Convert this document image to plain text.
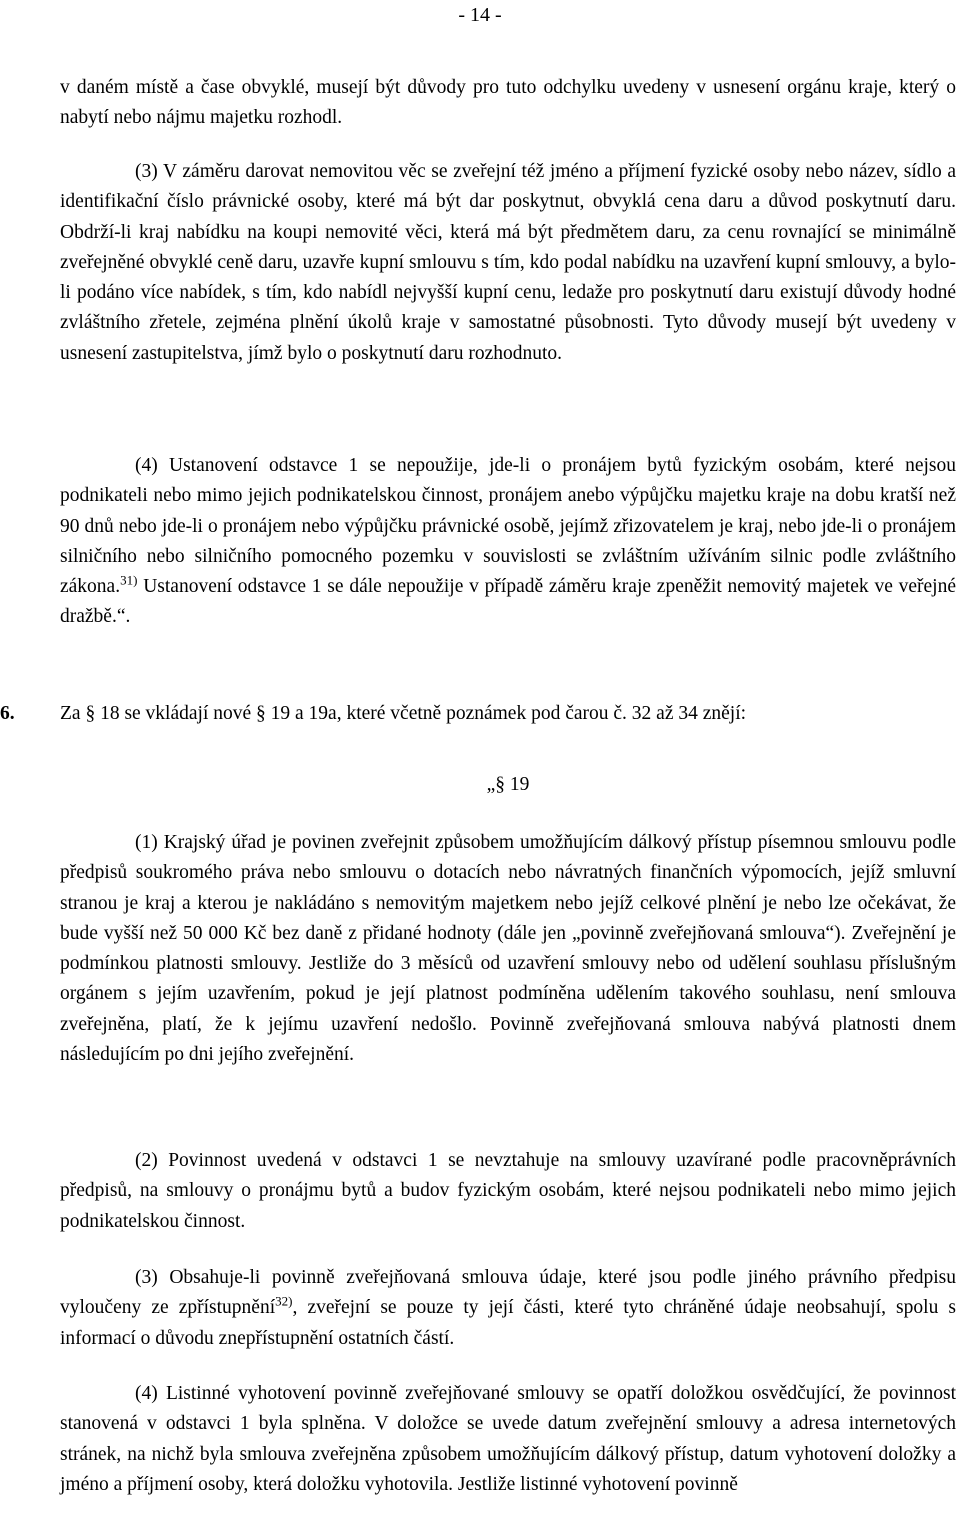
- 14 -

v daném místě a čase obvyklé, musejí být důvody pro tuto odchylku uvedeny v usnesení orgánu kraje, který o nabytí nebo nájmu majetku rozhodl.

(3) V záměru darovat nemovitou věc se zveřejní též jméno a příjmení fyzické osoby nebo název, sídlo a identifikační číslo právnické osoby, které má být dar poskytnut, obvyklá cena daru a důvod poskytnutí daru. Obdrží-li kraj nabídku na koupi nemovité věci, která má být předmětem daru, za cenu rovnající se minimálně zveřejněné obvyklé ceně daru, uzavře kupní smlouvu s tím, kdo podal nabídku na uzavření kupní smlouvy, a bylo-li podáno více nabídek, s tím, kdo nabídl nejvyšší kupní cenu, ledaže pro poskytnutí daru existují důvody hodné zvláštního zřetele, zejména plnění úkolů kraje v samostatné působnosti. Tyto důvody musejí být uvedeny v usnesení zastupitelstva, jímž bylo o poskytnutí daru rozhodnuto.

(4) Ustanovení odstavce 1 se nepoužije, jde-li o pronájem bytů fyzickým osobám, které nejsou podnikateli nebo mimo jejich podnikatelskou činnost, pronájem anebo výpůjčku majetku kraje na dobu kratší než 90 dnů nebo jde-li o pronájem nebo výpůjčku právnické osobě, jejímž zřizovatelem je kraj, nebo jde-li o pronájem silničního nebo silničního pomocného pozemku v souvislosti se zvláštním užíváním silnic podle zvláštního zákona.$^{31)}$ Ustanovení odstavce 1 se dále nepoužije v případě záměru kraje zpeněžit nemovitý majetek ve veřejné dražbě.“.

6. Za § 18 se vkládají nové § 19 a 19a, které včetně poznámek pod čarou č. 32 až 34 znějí:
„§ 19

(1) Krajský úřad je povinen zveřejnit způsobem umožňujícím dálkový přístup písemnou smlouvu podle předpisů soukromého práva nebo smlouvu o dotacích nebo návratných finančních výpomocích, jejíž smluvní stranou je kraj a kterou je nakládáno s nemovitým majetkem nebo jejíž celkové plnění je nebo lze očekávat, že bude vyšší než 50 000 Kč bez daně z přidané hodnoty (dále jen „povinně zveřejňovaná smlouva“). Zveřejnění je podmínkou platnosti smlouvy. Jestliže do 3 měsíců od uzavření smlouvy nebo od udělení souhlasu příslušným orgánem s jejím uzavřením, pokud je její platnost podmíněna udělením takového souhlasu, není smlouva zveřejněna, platí, že k jejímu uzavření nedošlo. Povinně zveřejňovaná smlouva nabývá platnosti dnem následujícím po dni jejího zveřejnění.

(2) Povinnost uvedená v odstavci 1 se nevztahuje na smlouvy uzavírané podle pracovněprávních předpisů, na smlouvy o pronájmu bytů a budov fyzickým osobám, které nejsou podnikateli nebo mimo jejich podnikatelskou činnost.

(3) Obsahuje-li povinně zveřejňovaná smlouva údaje, které jsou podle jiného právního předpisu vyloučeny ze zpřístupnění$^{32)}$, zveřejní se pouze ty její části, které tyto chráněné údaje neobsahují, spolu s informací o důvodu znepřístupnění ostatních částí.

(4) Listinné vyhotovení povinně zveřejňované smlouvy se opatří doložkou osvědčující, že povinnost stanovená v odstavci 1 byla splněna. V doložce se uvede datum zveřejnění smlouvy a adresa internetových stránek, na nichž byla smlouva zveřejněna způsobem umožňujícím dálkový přístup, datum vyhotovení doložky a jméno a příjmení osoby, která doložku vyhotovila. Jestliže listinné vyhotovení povinně
